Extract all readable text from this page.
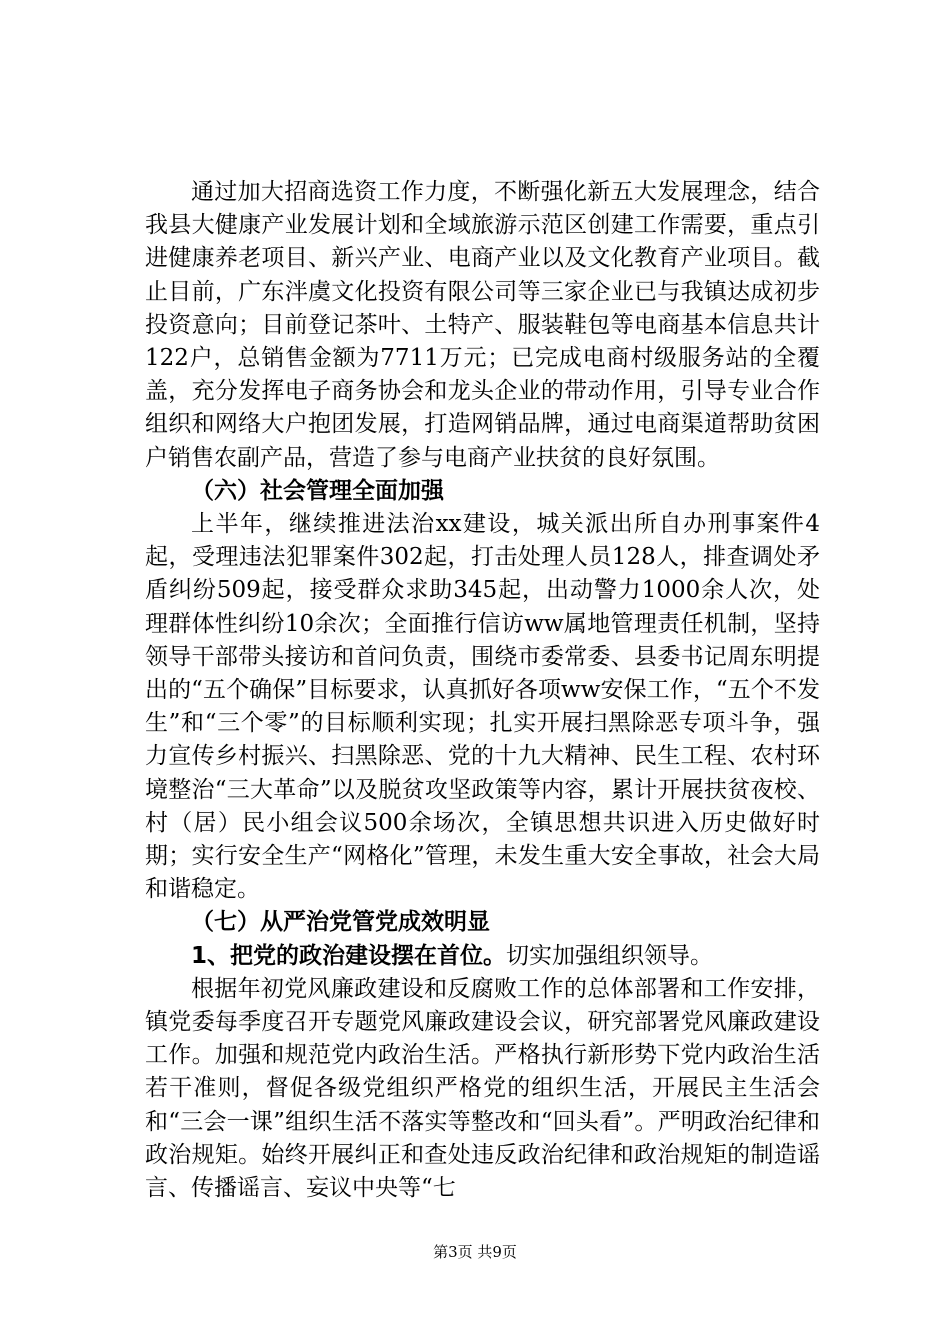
通过加大招商选资工作力度，不断强化新五大发展理念，结合我县大健康产业发展计划和全域旅游示范区创建工作需要，重点引进健康养老项目、新兴产业、电商产业以及文化教育产业项目。截止目前，广东泮虞文化投资有限公司等三家企业已与我镇达成初步投资意向；目前登记茶叶、土特产、服装鞋包等电商基本信息共计122户，总销售金额为7711万元；已完成电商村级服务站的全覆盖，充分发挥电子商务协会和龙头企业的带动作用，引导专业合作组织和网络大户抱团发展，打造网销品牌，通过电商渠道帮助贫困户销售农副产品，营造了参与电商产业扶贫的良好氛围。

（六）社会管理全面加强

上半年，继续推进法治xx建设，城关派出所自办刑事案件4起，受理违法犯罪案件302起，打击处理人员128人，排查调处矛盾纠纷509起，接受群众求助345起，出动警力1000余人次，处理群体性纠纷10余次；全面推行信访ww属地管理责任机制，坚持领导干部带头接访和首问负责，围绕市委常委、县委书记周东明提出的“五个确保”目标要求，认真抓好各项ww安保工作，“五个不发生”和“三个零”的目标顺利实现；扎实开展扫黑除恶专项斗争，强力宣传乡村振兴、扫黑除恶、党的十九大精神、民生工程、农村环境整治“三大革命”以及脱贫攻坚政策等内容，累计开展扶贫夜校、村（居）民小组会议500余场次，全镇思想共识进入历史做好时期；实行安全生产“网格化”管理，未发生重大安全事故，社会大局和谐稳定。

（七）从严治党管党成效明显

1、把党的政治建设摆在首位。切实加强组织领导。

根据年初党风廉政建设和反腐败工作的总体部署和工作安排，镇党委每季度召开专题党风廉政建设会议，研究部署党风廉政建设工作。加强和规范党内政治生活。严格执行新形势下党内政治生活若干准则，督促各级党组织严格党的组织生活，开展民主生活会和“三会一课”组织生活不落实等整改和“回头看”。严明政治纪律和政治规矩。始终开展纠正和查处违反政治纪律和政治规矩的制造谣言、传播谣言、妄议中央等“七

第3页 共9页
